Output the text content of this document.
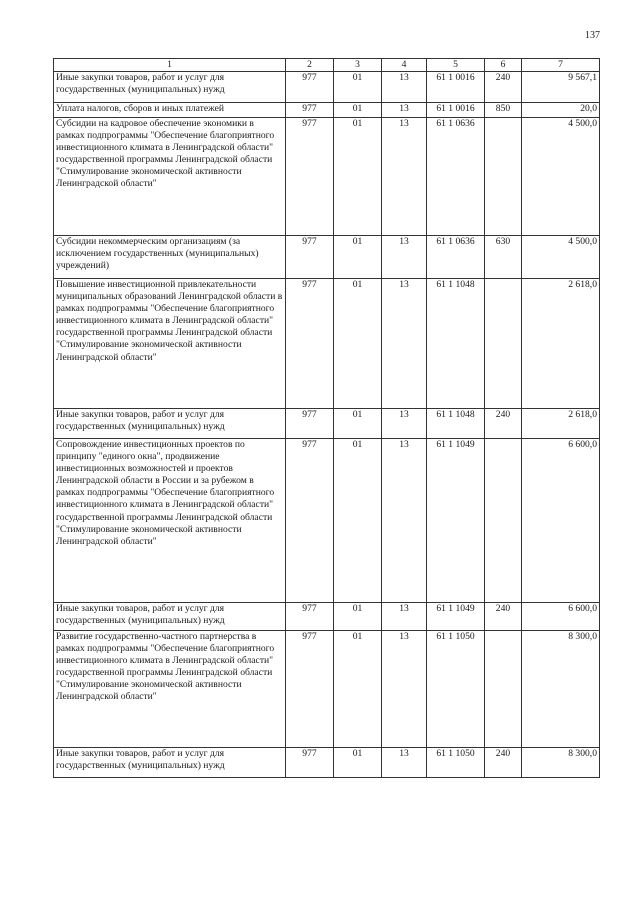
137
1	2	3	4	5	6	7
Иные закупки товаров, работ и услуг для государственных (муниципальных) нужд	977	01	13	61 1 0016	240	9 567,1
Уплата налогов, сборов и иных платежей	977	01	13	61 1 0016	850	20,0
Субсидии на кадровое обеспечение экономики в рамках подпрограммы "Обеспечение благоприятного инвестиционного климата в Ленинградской области" государственной программы Ленинградской области "Стимулирование экономической активности Ленинградской области"	977	01	13	61 1 0636		4 500,0
Субсидии некоммерческим организациям (за исключением государственных (муниципальных) учреждений)	977	01	13	61 1 0636	630	4 500,0
Повышение инвестиционной привлекательности муниципальных образований Ленинградской области в рамках подпрограммы "Обеспечение благоприятного инвестиционного климата в Ленинградской области" государственной программы Ленинградской области "Стимулирование экономической активности Ленинградской области"	977	01	13	61 1 1048		2 618,0
Иные закупки товаров, работ и услуг для государственных (муниципальных) нужд	977	01	13	61 1 1048	240	2 618,0
Сопровождение инвестиционных проектов по принципу "единого окна", продвижение инвестиционных возможностей и проектов Ленинградской области в России и за рубежом в рамках подпрограммы "Обеспечение благоприятного инвестиционного климата в Ленинградской области" государственной программы Ленинградской области "Стимулирование экономической активности Ленинградской области"	977	01	13	61 1 1049		6 600,0
Иные закупки товаров, работ и услуг для государственных (муниципальных) нужд	977	01	13	61 1 1049	240	6 600,0
Развитие государственно-частного партнерства в рамках подпрограммы "Обеспечение благоприятного инвестиционного климата в Ленинградской области" государственной программы Ленинградской области "Стимулирование экономической активности Ленинградской области"	977	01	13	61 1 1050		8 300,0
Иные закупки товаров, работ и услуг для государственных (муниципальных) нужд	977	01	13	61 1 1050	240	8 300,0
